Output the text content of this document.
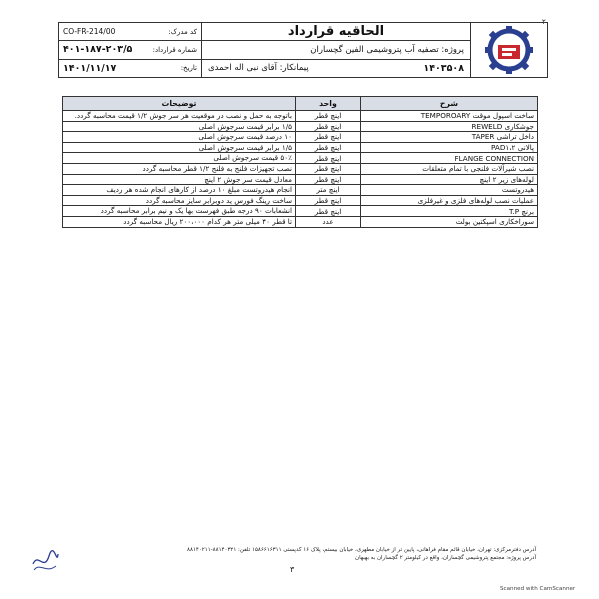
۲
الحاقیه قرارداد
پروژه: تصفیه آب پتروشیمی الفین گچساران
۱۴۰۳۵۰۸
پیمانکار: آقای نبی اله احمدی
کد مدرک:
CO-FR-214/00
شماره قرارداد:
۴۰۱-۱۸۷-۲۰۳/۵
تاریخ:
۱۴۰۱/۱۱/۱۷
شرح	واحد	توضیحات
ساخت اسپول موقت TEMPOROARY	اینچ قطر	باتوجه به حمل و نصب در موقعیت هر سر جوش ۱/۲ قیمت محاسبه گردد.
جوشکاری REWELD	اینچ قطر	۱/۵ برابر قیمت سرجوش اصلی
داخل تراشی TAPER	اینچ قطر	۱۰ درصد قیمت سرجوش اصلی
پالانی PAD۱،۲	اینچ قطر	۱/۵ برابر قیمت سرجوش اصلی
FLANGE CONNECTION	اینچ قطر	۵۰٪ قیمت سرجوش اصلی
نصب شیرآلات فلنجی با تمام متعلقات	اینچ قطر	نصب تجهیزات فلنج به فلنج ۱/۲ قطر محاسبه گردد
لوله‌های زیر ۲ اینچ	اینچ قطر	معادل قیمت سر جوش ۲ اینچ
هیدروتست	اینچ متر	انجام هیدروتست مبلغ ۱۰ درصد از کارهای انجام شده هر ردیف
عملیات نصب لوله‌های فلزی و غیرفلزی	اینچ قطر	ساخت رینگ فورس ید دوبرابر سایز محاسبه گردد
برنچ T.P	اینچ قطر	انشعابات ۹۰ درجه طبق فهرست بها یک و نیم برابر محاسبه گردد
سوراخکاری اسپکتین بولت	عدد	تا قطر ۴۰ میلی متر هر کدام ۲۰۰،۰۰۰ ریال محاسبه گردد
آدرس دفترمرکزی: تهران، خیابان قائم مقام فراهانی، پایین تر از خیابان مطهری، خیابان بیستم، پلاک ۱۶ کدپستی ۱۵۸۶۶۱۶۳۱۱ تلفن: ۸۸۱۴۰۳۲۱-۸۸۱۴۰۲۱۱
آدرس پروژه: مجتمع پتروشیمی گچساران، واقع در کیلومتر ۲ گچساران به بهبهان
۳
Scanned with CamScanner
